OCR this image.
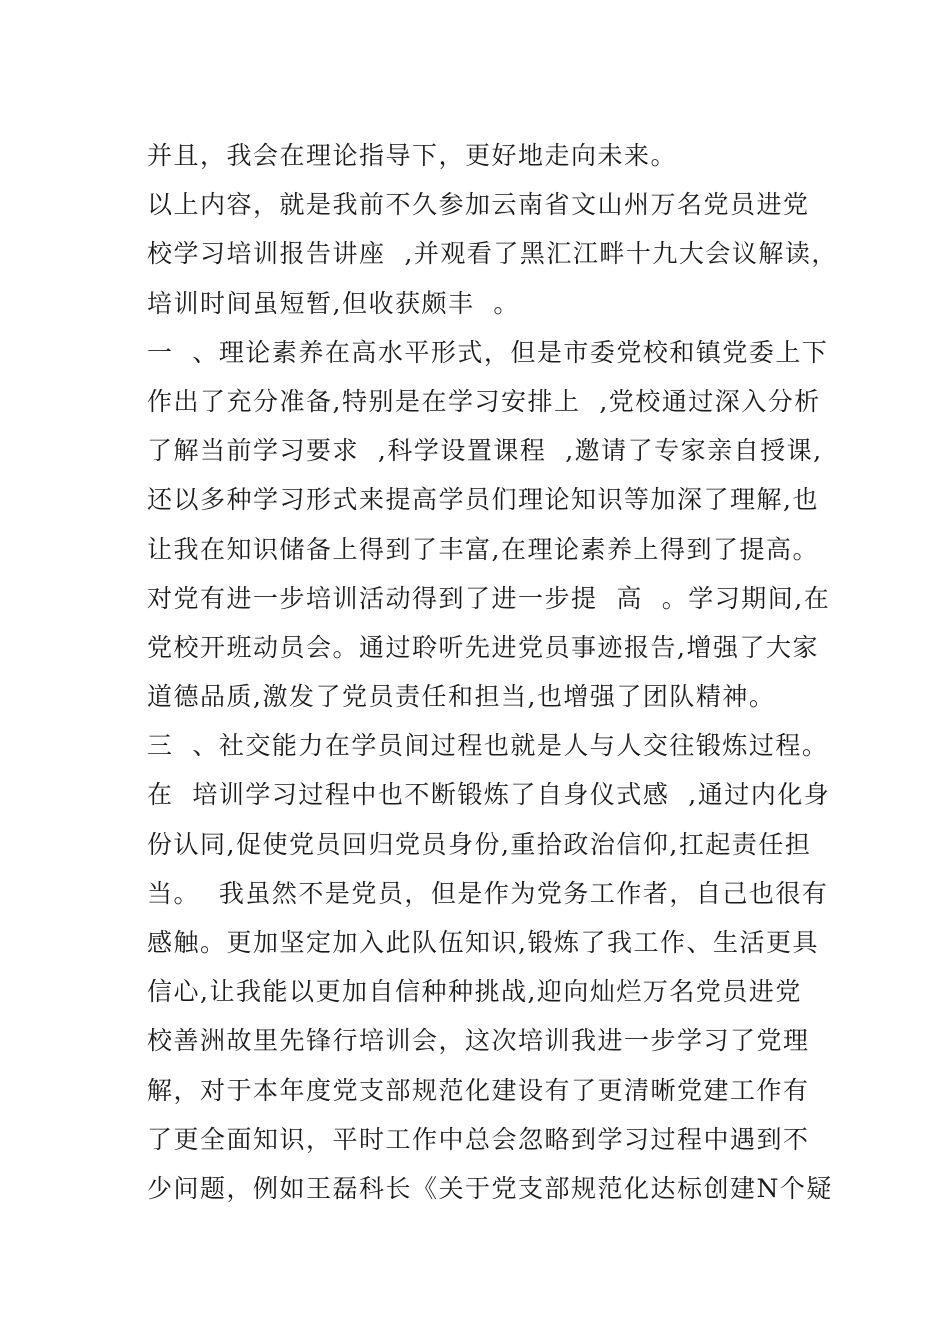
并且，我会在理论指导下，更好地走向未来。
以上内容，就是我前不久参加云南省文山州万名党员进党
校学习培训报告讲座  ,并观看了黑汇江畔十九大会议解读，
培训时间虽短暂,但收获颇丰  。
一  、理论素养在高水平形式，但是市委党校和镇党委上下
作出了充分准备,特别是在学习安排上  ,党校通过深入分析
了解当前学习要求  ,科学设置课程  ,邀请了专家亲自授课,
还以多种学习形式来提高学员们理论知识等加深了理解,也
让我在知识储备上得到了丰富,在理论素养上得到了提高。
对党有进一步培训活动得到了进一步提  高  。学习期间,在
党校开班动员会。通过聆听先进党员事迹报告,增强了大家
道德品质,激发了党员责任和担当,也增强了团队精神。
三  、社交能力在学员间过程也就是人与人交往锻炼过程。
在  培训学习过程中也不断锻炼了自身仪式感  ,通过内化身
份认同,促使党员回归党员身份,重拾政治信仰,扛起责任担
当。  我虽然不是党员，但是作为党务工作者，自己也很有
感触。更加坚定加入此队伍知识,锻炼了我工作、生活更具
信心,让我能以更加自信种种挑战,迎向灿烂万名党员进党
校善洲故里先锋行培训会，这次培训我进一步学习了党理
解，对于本年度党支部规范化建设有了更清晰党建工作有
了更全面知识，平时工作中总会忽略到学习过程中遇到不
少问题，例如王磊科长《关于党支部规范化达标创建N个疑
